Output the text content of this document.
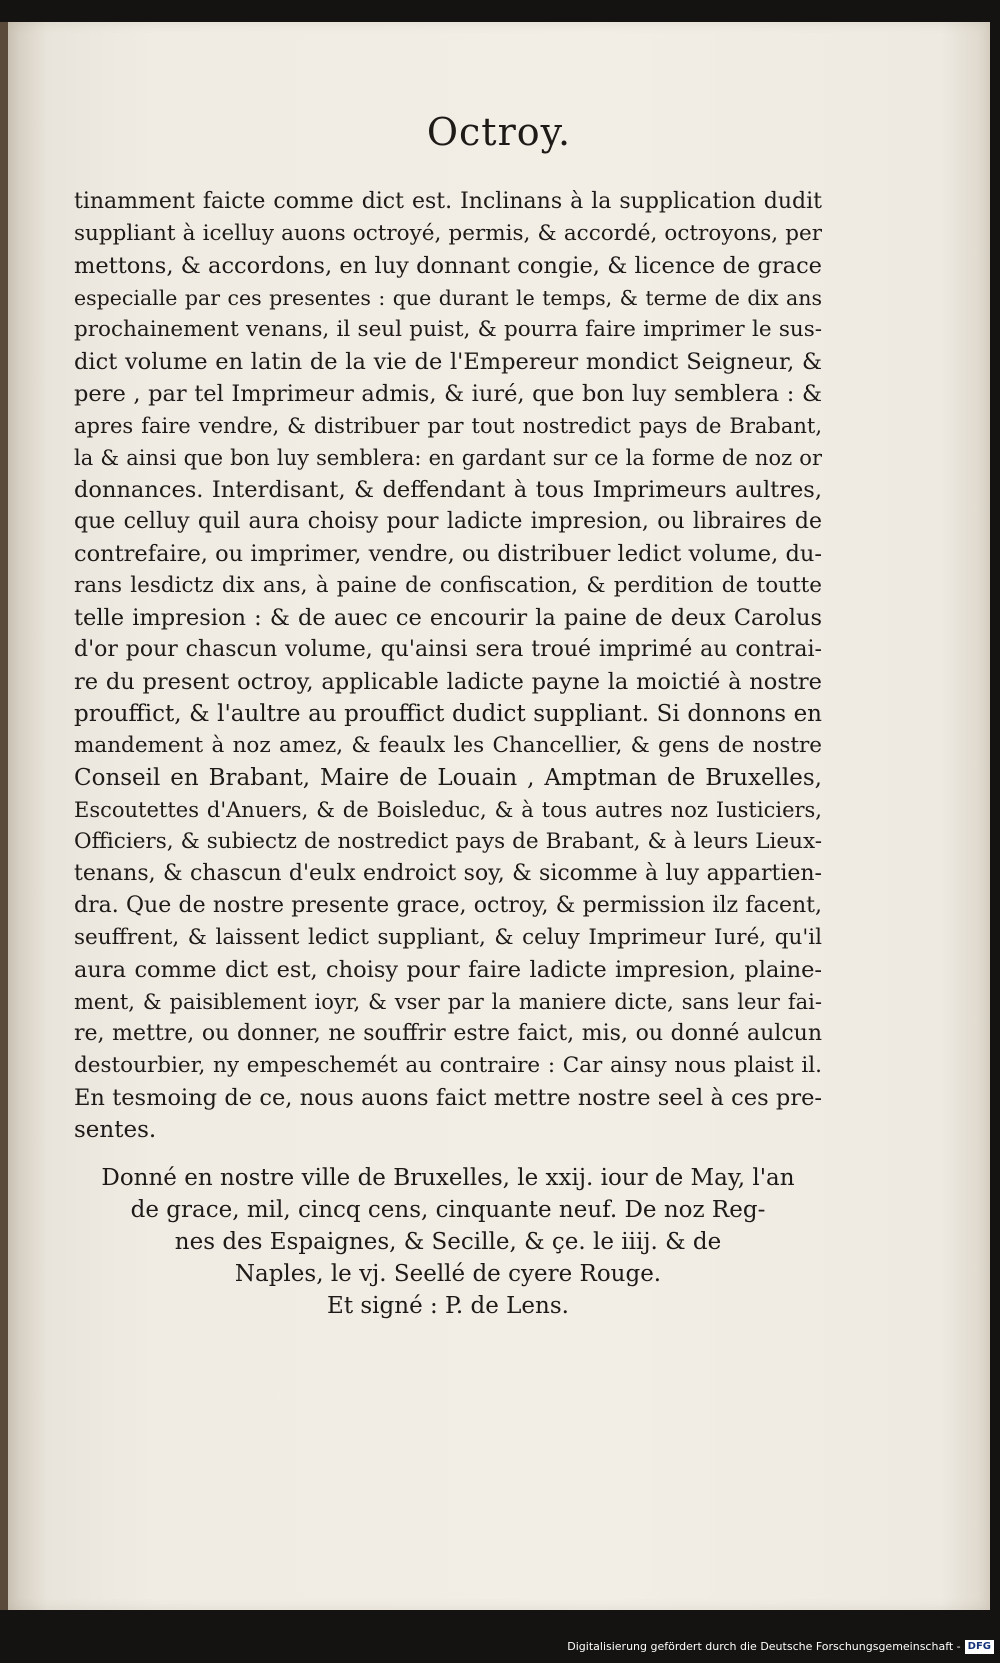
Octroy.
tinamment faicte comme dict est. Inclinans à la supplication dudit
suppliant à icelluy auons octroyé, permis, & accordé, octroyons, per
mettons, & accordons, en luy donnant congie, & licence de grace
especialle par ces presentes : que durant le temps, & terme de dix ans
prochainement venans, il seul puist, & pourra faire imprimer le sus-
dict volume en latin de la vie de l'Empereur mondict Seigneur, &
pere , par tel Imprimeur admis, & iuré, que bon luy semblera : &
apres faire vendre, & distribuer par tout nostredict pays de Brabant,
la & ainsi que bon luy semblera: en gardant sur ce la forme de noz or
donnances. Interdisant, & deffendant à tous Imprimeurs aultres,
que celluy quil aura choisy pour ladicte impresion, ou libraires de
contrefaire, ou imprimer, vendre, ou distribuer ledict volume, du-
rans lesdictz dix ans, à paine de confiscation, & perdition de toutte
telle impresion : & de auec ce encourir la paine de deux Carolus
d'or pour chascun volume, qu'ainsi sera troué imprimé au contrai-
re du present octroy, applicable ladicte payne la moictié à nostre
prouffict, & l'aultre au prouffict dudict suppliant. Si donnons en
mandement à noz amez, & feaulx les Chancellier, & gens de nostre
Conseil en Brabant, Maire de Louain , Amptman de Bruxelles,
Escoutettes d'Anuers, & de Boisleduc, & à tous autres noz Iusticiers,
Officiers, & subiectz de nostredict pays de Brabant, & à leurs Lieux-
tenans, & chascun d'eulx endroict soy, & sicomme à luy appartien-
dra. Que de nostre presente grace, octroy, & permission ilz facent,
seuffrent, & laissent ledict suppliant, & celuy Imprimeur Iuré, qu'il
aura comme dict est, choisy pour faire ladicte impresion, plaine-
ment, & paisiblement ioyr, & vser par la maniere dicte, sans leur fai-
re, mettre, ou donner, ne souffrir estre faict, mis, ou donné aulcun
destourbier, ny empeschemét au contraire : Car ainsy nous plaist il.
En tesmoing de ce, nous auons faict mettre nostre seel à ces pre-
sentes.
Donné en nostre ville de Bruxelles, le xxij. iour de May, l'an
de grace, mil, cincq cens, cinquante neuf. De noz Reg-
nes des Espaignes, & Secille, & çe. le iiij. & de
Naples, le vj. Seellé de cyere Rouge.
Et signé : P. de Lens.
Digitalisierung gefördert durch die Deutsche Forschungsgemeinschaft - DFG
